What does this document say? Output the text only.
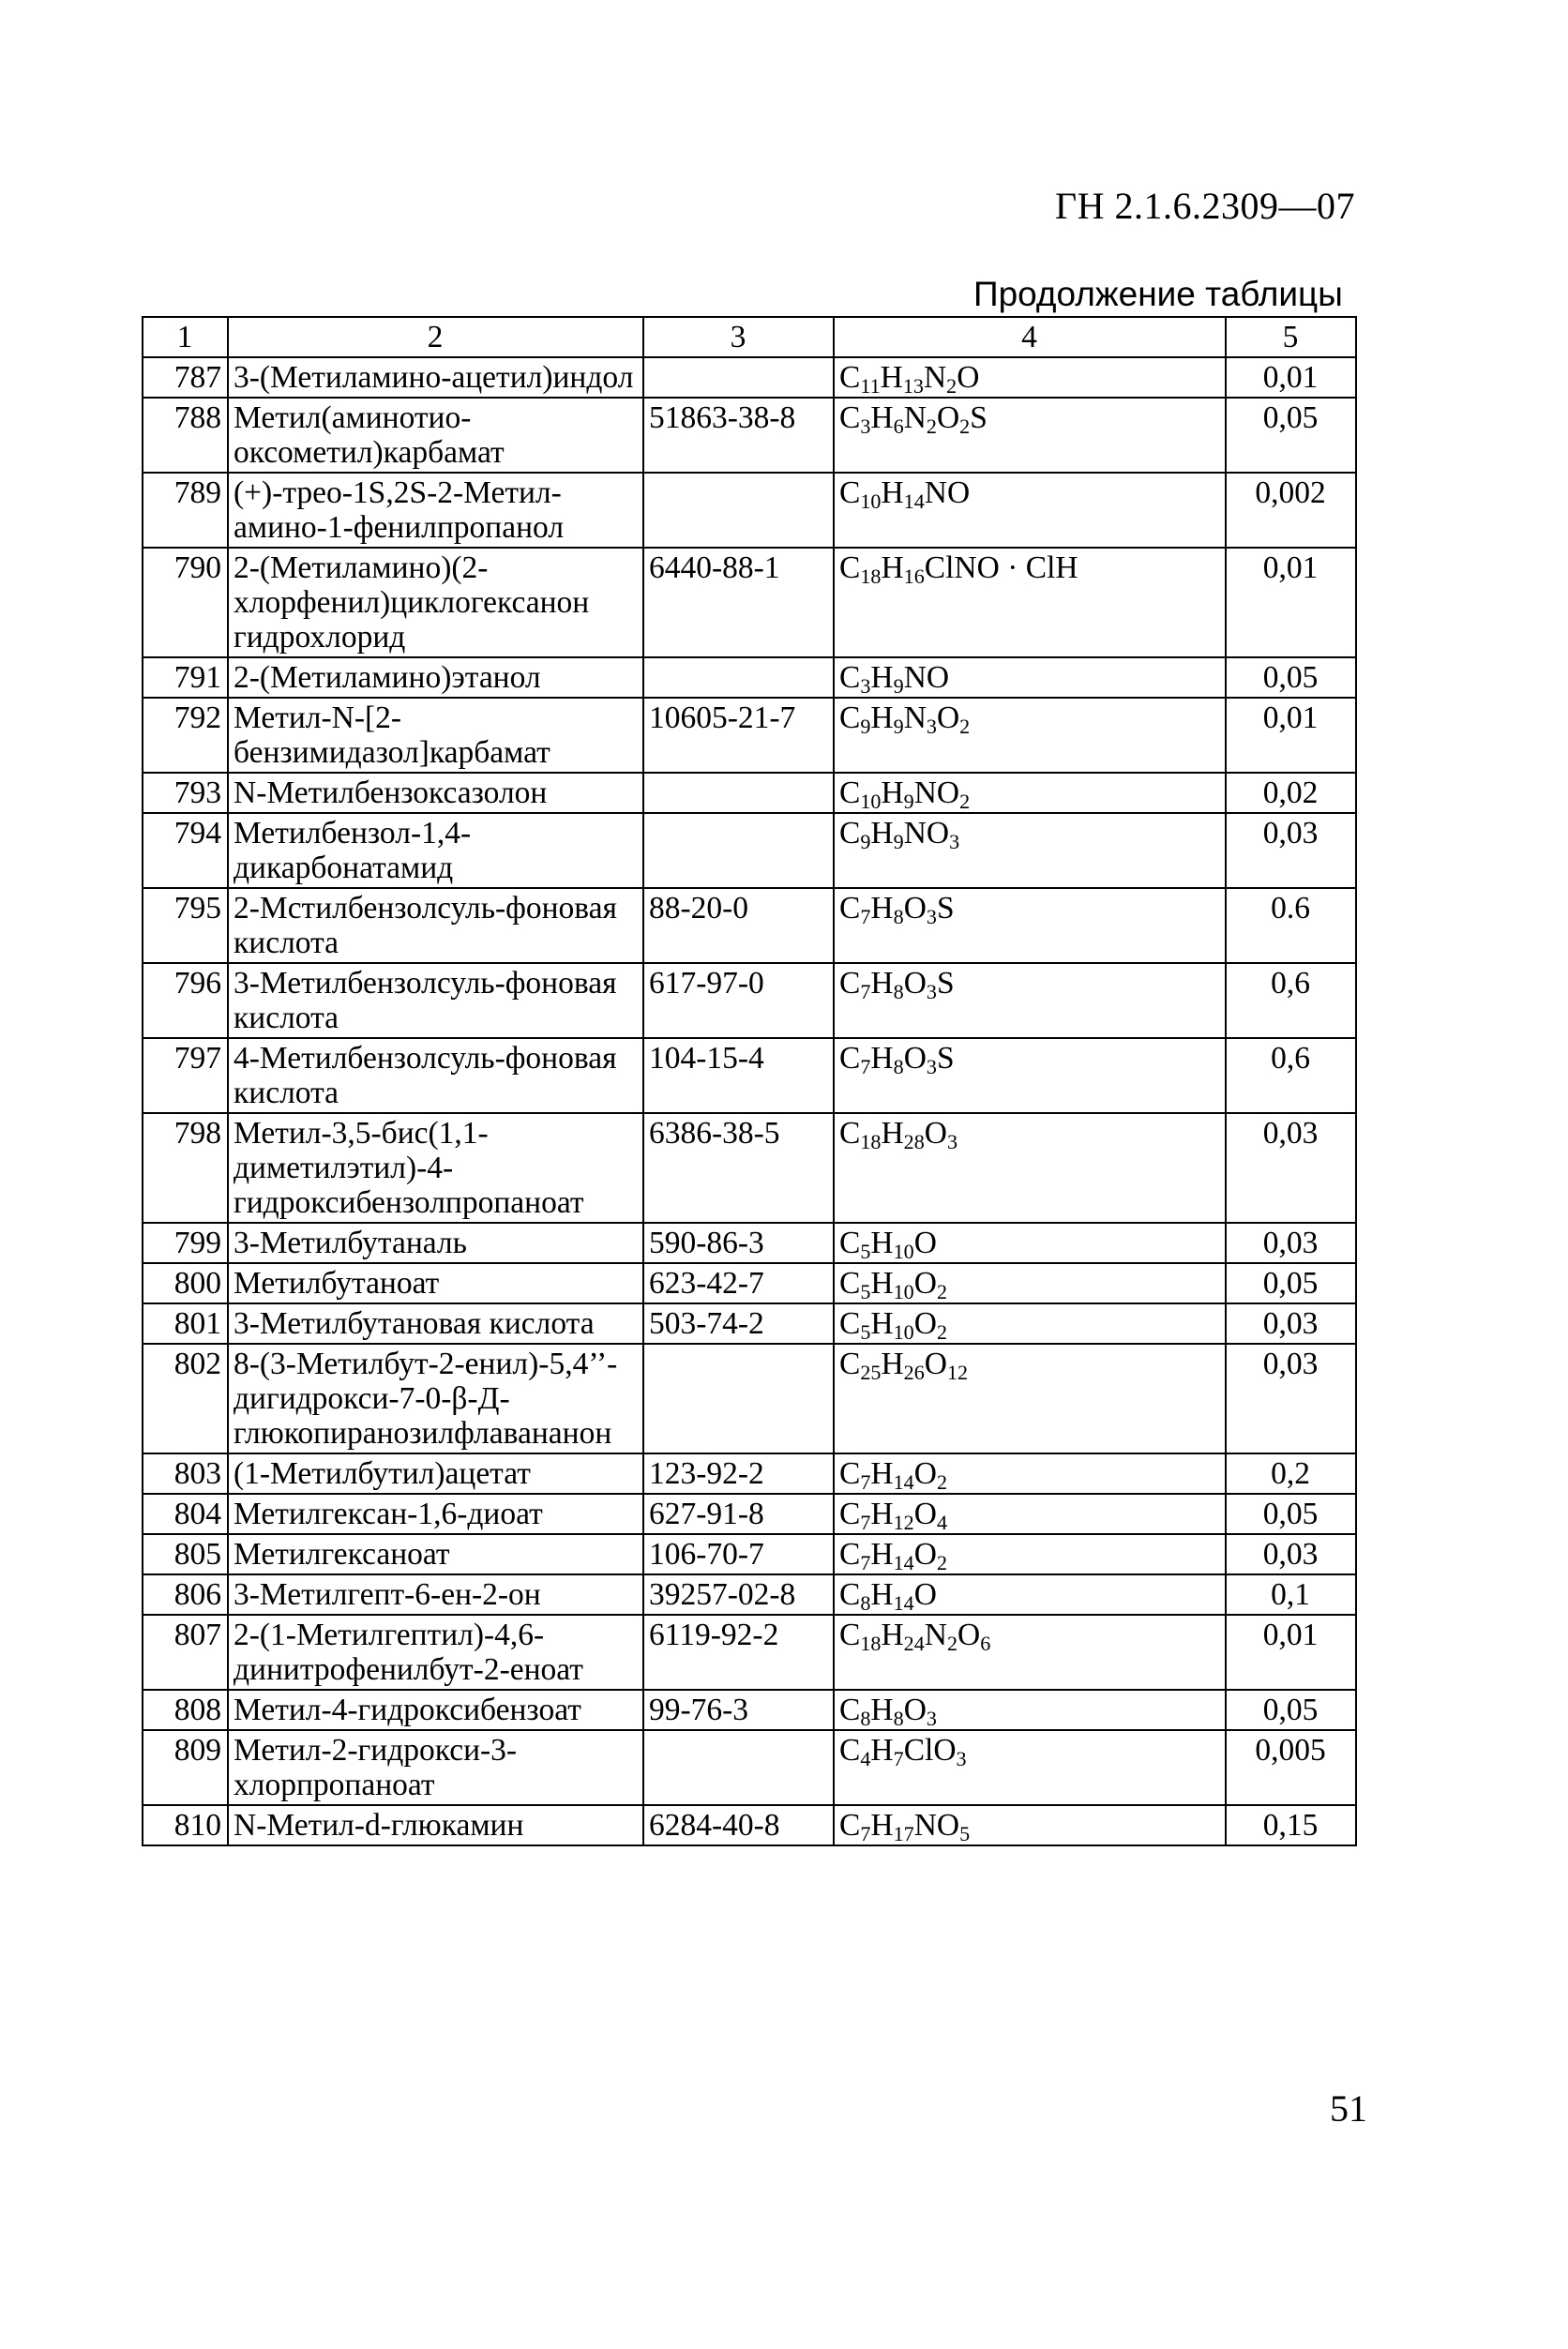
ГН 2.1.6.2309—07
Продолжение таблицы
1	2	3	4	5
787	3-(Метиламино-ацетил)индол		$C_{11}H_{13}N_2O$	0,01
788	Метил(аминотио-оксометил)карбамат	51863-38-8	$C_3H_6N_2O_2S$	0,05
789	(+)-трео-1S,2S-2-Метил-амино-1-фенилпропанол		$C_{10}H_{14}NO$	0,002
790	2-(Метиламино)(2-хлорфенил)циклогексанон гидрохлорид	6440-88-1	$C_{18}H_{16}ClNO$ · ClH	0,01
791	2-(Метиламино)этанол		$C_3H_9NO$	0,05
792	Метил-N-[2-бензимидазол]карбамат	10605-21-7	$C_9H_9N_3O_2$	0,01
793	N-Метилбензоксазолон		$C_{10}H_9NO_2$	0,02
794	Метилбензол-1,4-дикарбонатамид		$C_9H_9NO_3$	0,03
795	2-Мстилбензолсуль-фоновая кислота	88-20-0	$C_7H_8O_3S$	0.6
796	3-Метилбензолсуль-фоновая кислота	617-97-0	$C_7H_8O_3S$	0,6
797	4-Метилбензолсуль-фоновая кислота	104-15-4	$C_7H_8O_3S$	0,6
798	Метил-3,5-бис(1,1-диметилэтил)-4-гидроксибензолпропаноат	6386-38-5	$C_{18}H_{28}O_3$	0,03
799	3-Метилбутаналь	590-86-3	$C_5H_{10}O$	0,03
800	Метилбутаноат	623-42-7	$C_5H_{10}O_2$	0,05
801	3-Метилбутановая кислота	503-74-2	$C_5H_{10}O_2$	0,03
802	8-(3-Метилбут-2-енил)-5,4’’-дигидрокси-7-0-β-Д-глюкопиранозилфлавананон		$C_{25}H_{26}O_{12}$	0,03
803	(1-Метилбутил)ацетат	123-92-2	$C_7H_{14}O_2$	0,2
804	Метилгексан-1,6-диоат	627-91-8	$C_7H_{12}O_4$	0,05
805	Метилгексаноат	106-70-7	$C_7H_{14}O_2$	0,03
806	3-Метилгепт-6-ен-2-он	39257-02-8	$C_8H_{14}O$	0,1
807	2-(1-Метилгептил)-4,6-динитрофенилбут-2-еноат	6119-92-2	$C_{18}H_{24}N_2O_6$	0,01
808	Метил-4-гидроксибензоат	99-76-3	$C_8H_8O_3$	0,05
809	Метил-2-гидрокси-3-хлорпропаноат		$C_4H_7ClO_3$	0,005
810	N-Метил-d-глюкамин	6284-40-8	$C_7H_{17}NO_5$	0,15
51
